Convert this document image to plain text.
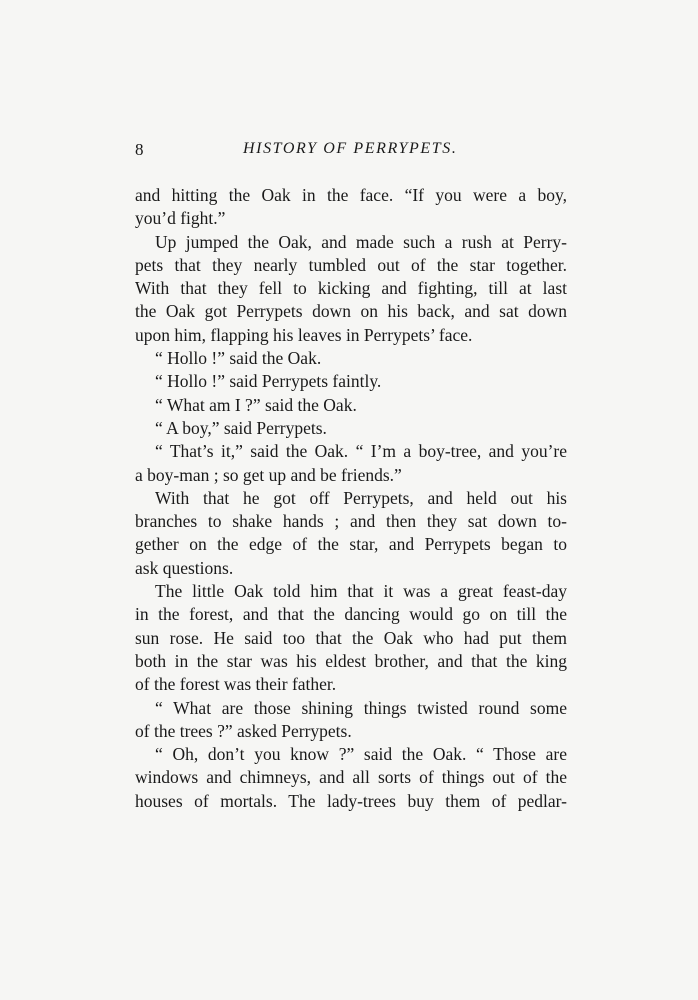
8	HISTORY OF PERRYPETS.

and hitting the Oak in the face. “If you were a boy,
you’d fight.”

Up jumped the Oak, and made such a rush at Perry-
pets that they nearly tumbled out of the star together.
With that they fell to kicking and fighting, till at last
the Oak got Perrypets down on his back, and sat down
upon him, flapping his leaves in Perrypets’ face.

“ Hollo !” said the Oak.

“ Hollo !” said Perrypets faintly.

“ What am I ?” said the Oak.

“ A boy,” said Perrypets.

“ That’s it,” said the Oak. “ I’m a boy-tree, and you’re
a boy-man ; so get up and be friends.”

With that he got off Perrypets, and held out his
branches to shake hands ; and then they sat down to-
gether on the edge of the star, and Perrypets began to
ask questions.

The little Oak told him that it was a great feast-day
in the forest, and that the dancing would go on till the
sun rose. He said too that the Oak who had put them
both in the star was his eldest brother, and that the king
of the forest was their father.

“ What are those shining things twisted round some
of the trees ?” asked Perrypets.

“ Oh, don’t you know ?” said the Oak. “ Those are
windows and chimneys, and all sorts of things out of the
houses of mortals. The lady-trees buy them of pedlar-
